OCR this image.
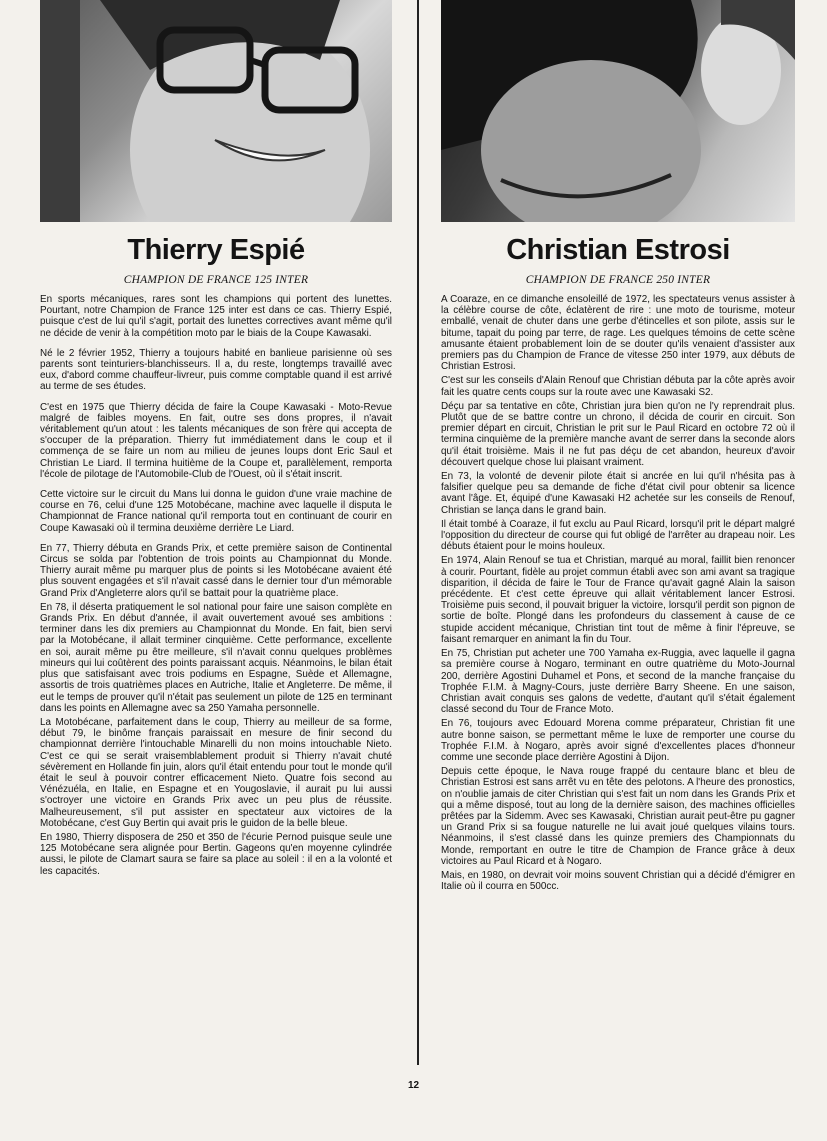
Thierry Espié
CHAMPION DE FRANCE 125 INTER

En sports mécaniques, rares sont les champions qui portent des lunettes. Pourtant, notre Champion de France 125 inter est dans ce cas. Thierry Espié, puisque c'est de lui qu'il s'agit, portait des lunettes correctives avant même qu'il ne décide de venir à la compétition moto par le biais de la Coupe Kawasaki.

Né le 2 février 1952, Thierry a toujours habité en banlieue parisienne où ses parents sont teinturiers-blanchisseurs. Il a, du reste, longtemps travaillé avec eux, d'abord comme chauffeur-livreur, puis comme comptable quand il est arrivé au terme de ses études.

C'est en 1975 que Thierry décida de faire la Coupe Kawasaki - Moto-Revue malgré de faibles moyens. En fait, outre ses dons propres, il n'avait véritablement qu'un atout : les talents mécaniques de son frère qui accepta de s'occuper de la préparation. Thierry fut immédiatement dans le coup et il commença de se faire un nom au milieu de jeunes loups dont Eric Saul et Christian Le Liard. Il termina huitième de la Coupe et, parallèlement, remporta l'école de pilotage de l'Automobile-Club de l'Ouest, où il s'était inscrit.

Cette victoire sur le circuit du Mans lui donna le guidon d'une vraie machine de course en 76, celui d'une 125 Motobécane, machine avec laquelle il disputa le Championnat de France national qu'il remporta tout en continuant de courir en Coupe Kawasaki où il termina deuxième derrière Le Liard.

En 77, Thierry débuta en Grands Prix, et cette première saison de Continental Circus se solda par l'obtention de trois points au Championnat du Monde. Thierry aurait même pu marquer plus de points si les Motobécane avaient été plus souvent engagées et s'il n'avait cassé dans le dernier tour d'un mémorable Grand Prix d'Angleterre alors qu'il se battait pour la quatrième place.

En 78, il déserta pratiquement le sol national pour faire une saison complète en Grands Prix. En début d'année, il avait ouvertement avoué ses ambitions : terminer dans les dix premiers au Championnat du Monde. En fait, bien servi par la Motobécane, il allait terminer cinquième. Cette performance, excellente en soi, aurait même pu être meilleure, s'il n'avait connu quelques problèmes mineurs qui lui coûtèrent des points paraissant acquis. Néanmoins, le bilan était plus que satisfaisant avec trois podiums en Espagne, Suède et Allemagne, assortis de trois quatrièmes places en Autriche, Italie et Angleterre. De même, il eut le temps de prouver qu'il n'était pas seulement un pilote de 125 en terminant dans les points en Allemagne avec sa 250 Yamaha personnelle.

La Motobécane, parfaitement dans le coup, Thierry au meilleur de sa forme, début 79, le binôme français paraissait en mesure de finir second du championnat derrière l'intouchable Minarelli du non moins intouchable Nieto. C'est ce qui se serait vraisemblablement produit si Thierry n'avait chuté sévèrement en Hollande fin juin, alors qu'il était entendu pour tout le monde qu'il était le seul à pouvoir contrer efficacement Nieto. Quatre fois second au Vénézuéla, en Italie, en Espagne et en Yougoslavie, il aurait pu lui aussi s'octroyer une victoire en Grands Prix avec un peu plus de réussite. Malheureusement, s'il put assister en spectateur aux victoires de la Motobécane, c'est Guy Bertin qui avait pris le guidon de la belle bleue.

En 1980, Thierry disposera de 250 et 350 de l'écurie Pernod puisque seule une 125 Motobécane sera alignée pour Bertin. Gageons qu'en moyenne cylindrée aussi, le pilote de Clamart saura se faire sa place au soleil : il en a la volonté et les capacités.

Christian Estrosi
CHAMPION DE FRANCE 250 INTER

A Coaraze, en ce dimanche ensoleillé de 1972, les spectateurs venus assister à la célèbre course de côte, éclatèrent de rire : une moto de tourisme, moteur emballé, venait de chuter dans une gerbe d'étincelles et son pilote, assis sur le bitume, tapait du poing par terre, de rage. Les quelques témoins de cette scène amusante étaient probablement loin de se douter qu'ils venaient d'assister aux premiers pas du Champion de France de vitesse 250 inter 1979, aux débuts de Christian Estrosi.

C'est sur les conseils d'Alain Renouf que Christian débuta par la côte après avoir fait les quatre cents coups sur la route avec une Kawasaki S2.

Déçu par sa tentative en côte, Christian jura bien qu'on ne l'y reprendrait plus. Plutôt que de se battre contre un chrono, il décida de courir en circuit. Son premier départ en circuit, Christian le prit sur le Paul Ricard en octobre 72 où il termina cinquième de la première manche avant de serrer dans la seconde alors qu'il était troisième. Mais il ne fut pas déçu de cet abandon, heureux d'avoir découvert quelque chose lui plaisant vraiment.

En 73, la volonté de devenir pilote était si ancrée en lui qu'il n'hésita pas à falsifier quelque peu sa demande de fiche d'état civil pour obtenir sa licence avant l'âge. Et, équipé d'une Kawasaki H2 achetée sur les conseils de Renouf, Christian se lança dans le grand bain.

Il était tombé à Coaraze, il fut exclu au Paul Ricard, lorsqu'il prit le départ malgré l'opposition du directeur de course qui fut obligé de l'arrêter au drapeau noir. Les débuts étaient pour le moins houleux.

En 1974, Alain Renouf se tua et Christian, marqué au moral, faillit bien renoncer à courir. Pourtant, fidèle au projet commun établi avec son ami avant sa tragique disparition, il décida de faire le Tour de France qu'avait gagné Alain la saison précédente. Et c'est cette épreuve qui allait véritablement lancer Estrosi. Troisième puis second, il pouvait briguer la victoire, lorsqu'il perdit son pignon de sortie de boîte. Plongé dans les profondeurs du classement à cause de ce stupide accident mécanique, Christian tint tout de même à finir l'épreuve, se faisant remarquer en animant la fin du Tour.

En 75, Christian put acheter une 700 Yamaha ex-Ruggia, avec laquelle il gagna sa première course à Nogaro, terminant en outre quatrième du Moto-Journal 200, derrière Agostini Duhamel et Pons, et second de la manche française du Trophée F.I.M. à Magny-Cours, juste derrière Barry Sheene. En une saison, Christian avait conquis ses galons de vedette, d'autant qu'il s'était également classé second du Tour de France Moto.

En 76, toujours avec Edouard Morena comme préparateur, Christian fit une autre bonne saison, se permettant même le luxe de remporter une course du Trophée F.I.M. à Nogaro, après avoir signé d'excellentes places d'honneur comme une seconde place derrière Agostini à Dijon.

Depuis cette époque, le Nava rouge frappé du centaure blanc et bleu de Christian Estrosi est sans arrêt vu en tête des pelotons. A l'heure des pronostics, on n'oublie jamais de citer Christian qui s'est fait un nom dans les Grands Prix et qui a même disposé, tout au long de la dernière saison, des machines officielles prêtées par la Sidemm. Avec ses Kawasaki, Christian aurait peut-être pu gagner un Grand Prix si sa fougue naturelle ne lui avait joué quelques vilains tours. Néanmoins, il s'est classé dans les quinze premiers des Championnats du Monde, remportant en outre le titre de Champion de France grâce à deux victoires au Paul Ricard et à Nogaro.

Mais, en 1980, on devrait voir moins souvent Christian qui a décidé d'émigrer en Italie où il courra en 500cc.

12
